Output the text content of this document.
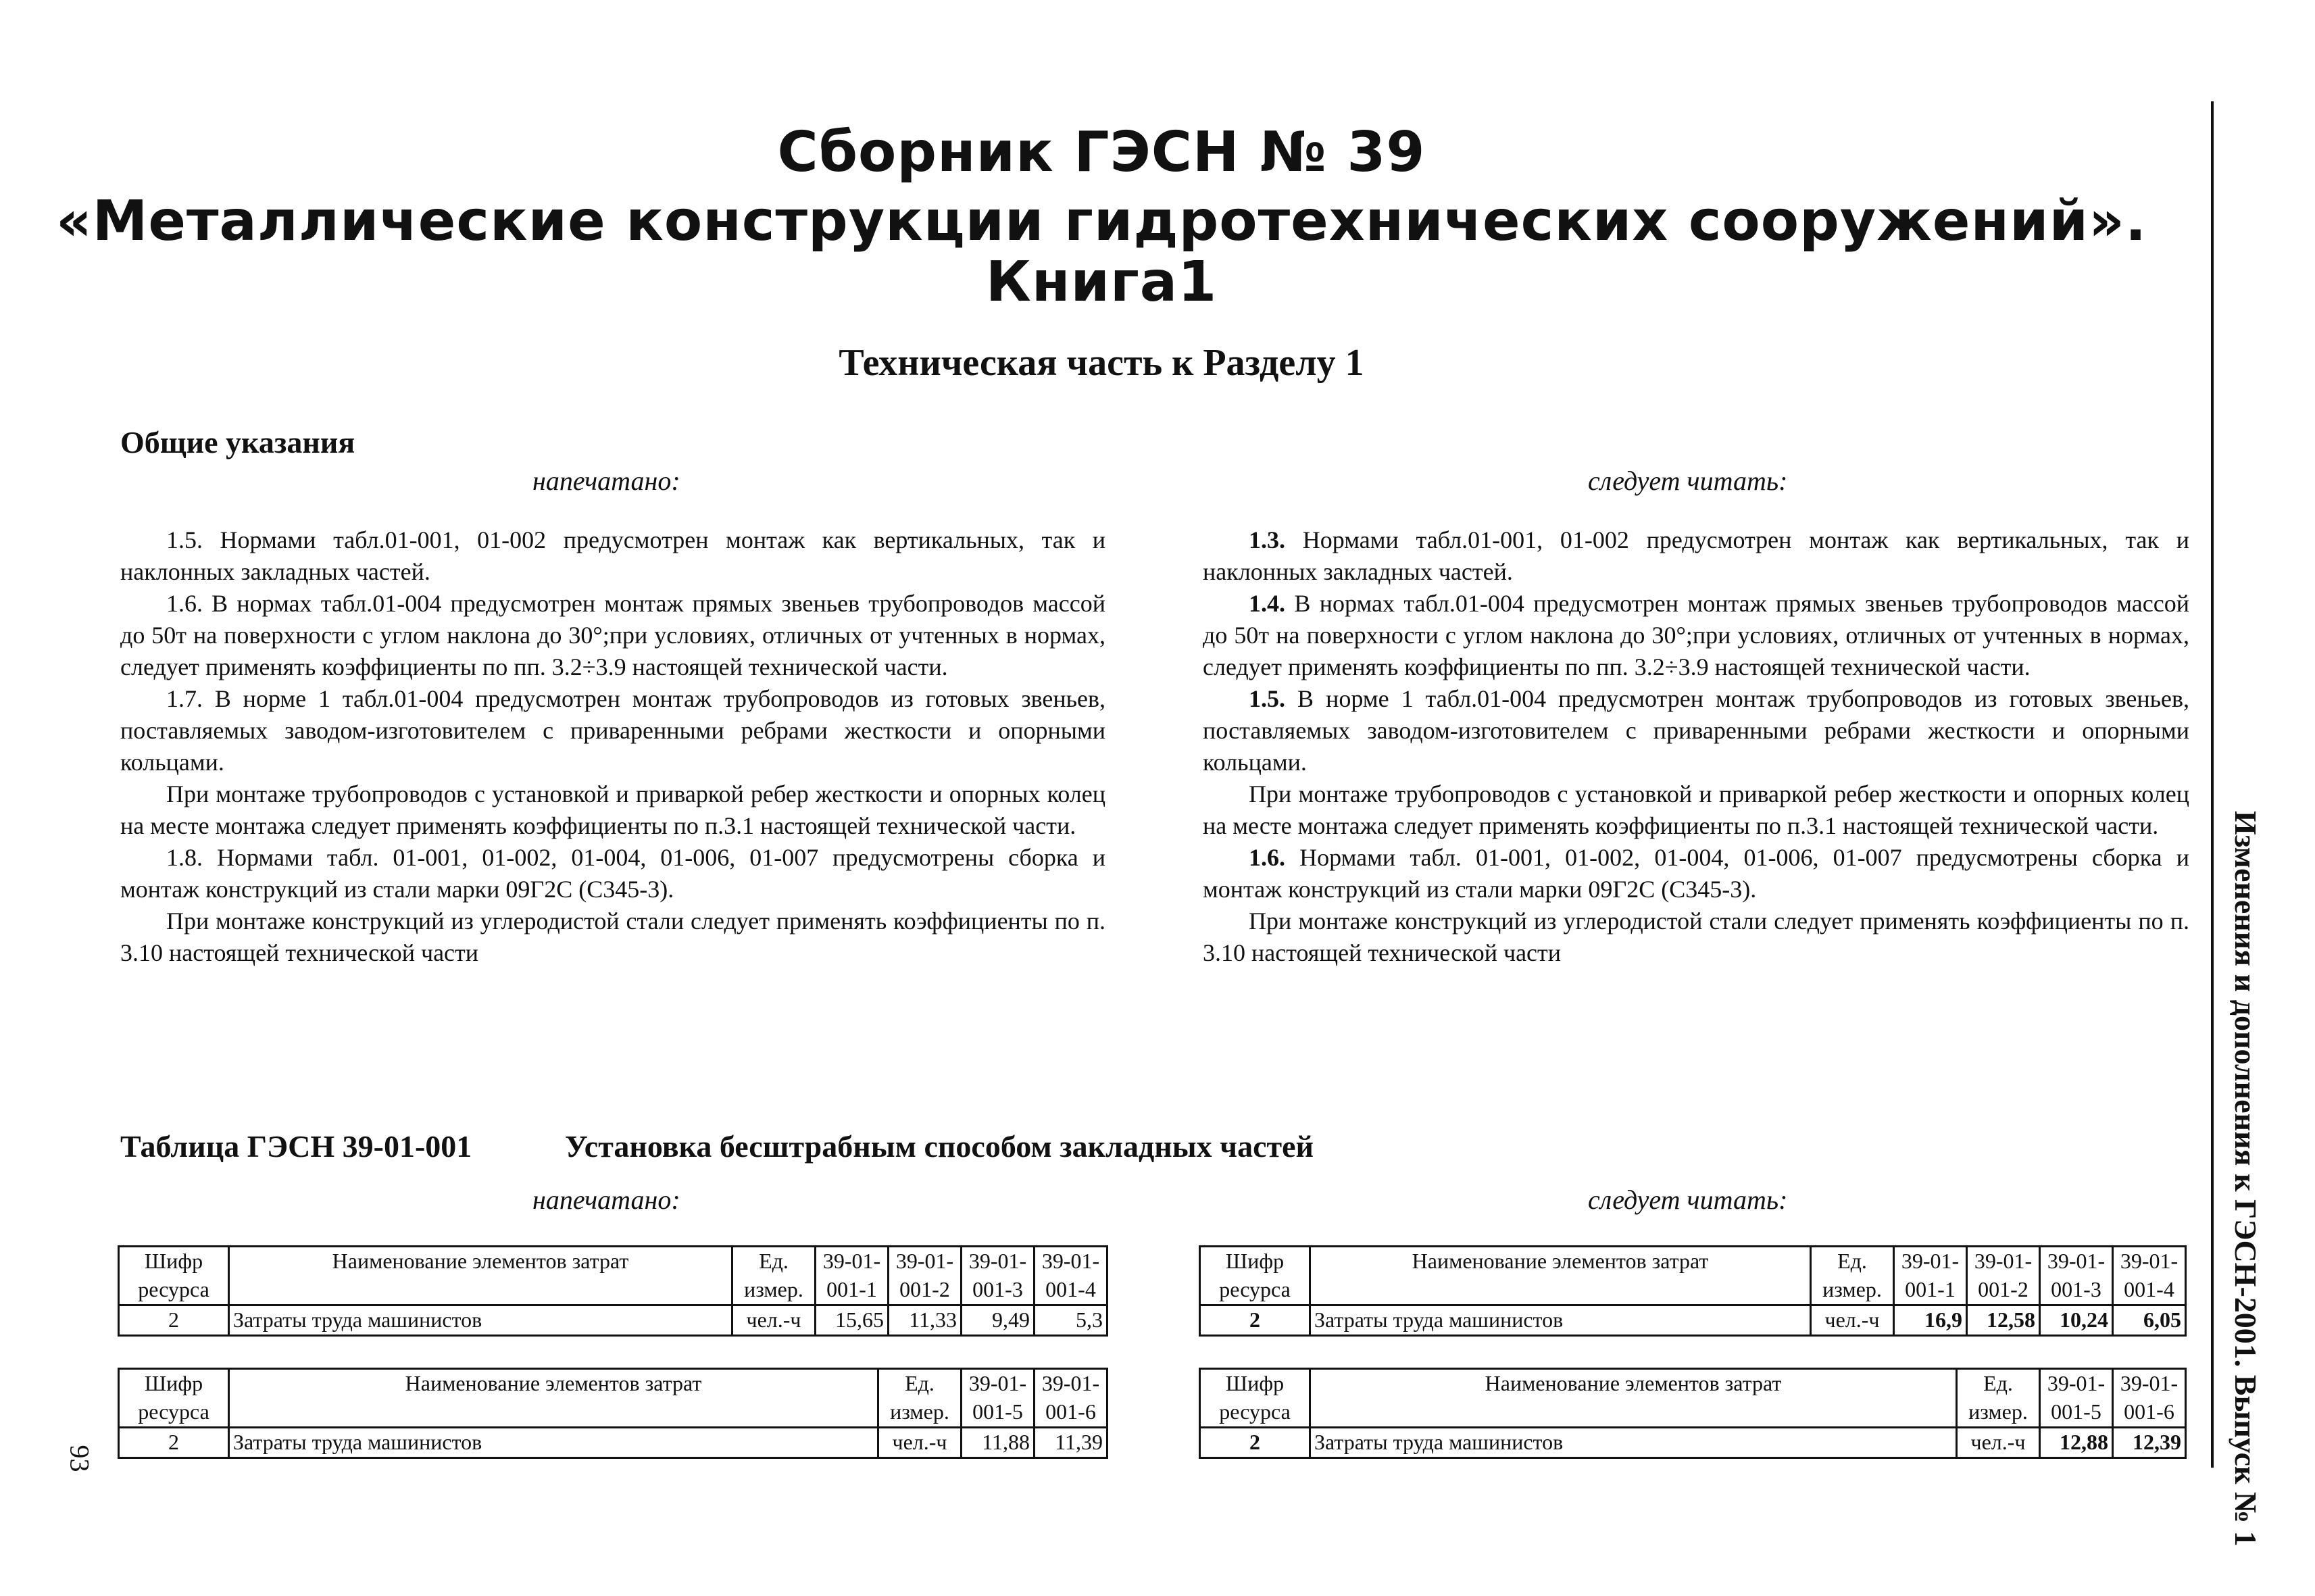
Сборник ГЭСН № 39
«Металлические конструкции гидротехнических сооружений».
Книга1
Техническая часть к Разделу 1
Общие указания
напечатано:	следует читать:

1.5. Нормами табл.01-001, 01-002 предусмотрен монтаж как вертикальных, так и наклонных закладных частей.

1.6. В нормах табл.01-004 предусмотрен монтаж прямых звеньев трубопроводов массой до 50т на поверхности с углом наклона до 30°;при условиях, отличных от учтенных в нормах, следует применять коэффициенты по пп. 3.2÷3.9 настоящей технической части.

1.7. В норме 1 табл.01-004 предусмотрен монтаж трубопроводов из готовых звеньев, поставляемых заводом-изготовителем с приваренными ребрами жесткости и опорными кольцами.

При монтаже трубопроводов с установкой и приваркой ребер жесткости и опорных колец на месте монтажа следует применять коэффициенты по п.3.1 настоящей технической части.

1.8. Нормами табл. 01-001, 01-002, 01-004, 01-006, 01-007 предусмотрены сборка и монтаж конструкций из стали марки 09Г2С (С345-3).

При монтаже конструкций из углеродистой стали следует применять коэффициенты по п. 3.10 настоящей технической части

1.3. Нормами табл.01-001, 01-002 предусмотрен монтаж как вертикальных, так и наклонных закладных частей.

1.4. В нормах табл.01-004 предусмотрен монтаж прямых звеньев трубопроводов массой до 50т на поверхности с углом наклона до 30°;при условиях, отличных от учтенных в нормах, следует применять коэффициенты по пп. 3.2÷3.9 настоящей технической части.

1.5. В норме 1 табл.01-004 предусмотрен монтаж трубопроводов из готовых звеньев, поставляемых заводом-изготовителем с приваренными ребрами жесткости и опорными кольцами.

При монтаже трубопроводов с установкой и приваркой ребер жесткости и опорных колец на месте монтажа следует применять коэффициенты по п.3.1 настоящей технической части.

1.6. Нормами табл. 01-001, 01-002, 01-004, 01-006, 01-007 предусмотрены сборка и монтаж конструкций из стали марки 09Г2С (С345-3).

При монтаже конструкций из углеродистой стали следует применять коэффициенты по п. 3.10 настоящей технической части

Таблица ГЭСН 39-01-001	Установка бесштрабным способом закладных частей
напечатано:	следует читать:
Шифр	Наименование элементов затрат	Ед.	39-01-	39-01-	39-01-	39-01-
ресурса		измер.	001-1	001-2	001-3	001-4
2	Затраты труда машинистов	чел.-ч	15,65	11,33	9,49	5,3
Шифр	Наименование элементов затрат	Ед.	39-01-	39-01-
ресурса		измер.	001-5	001-6
2	Затраты труда машинистов	чел.-ч	11,88	11,39
Шифр	Наименование элементов затрат	Ед.	39-01-	39-01-	39-01-	39-01-
ресурса		измер.	001-1	001-2	001-3	001-4
2	Затраты труда машинистов	чел.-ч	16,9	12,58	10,24	6,05
Шифр	Наименование элементов затрат	Ед.	39-01-	39-01-
ресурса		измер.	001-5	001-6
2	Затраты труда машинистов	чел.-ч	12,88	12,39 Изменения и дополнения к ГЭСН-2001. Выпуск № 1
93
